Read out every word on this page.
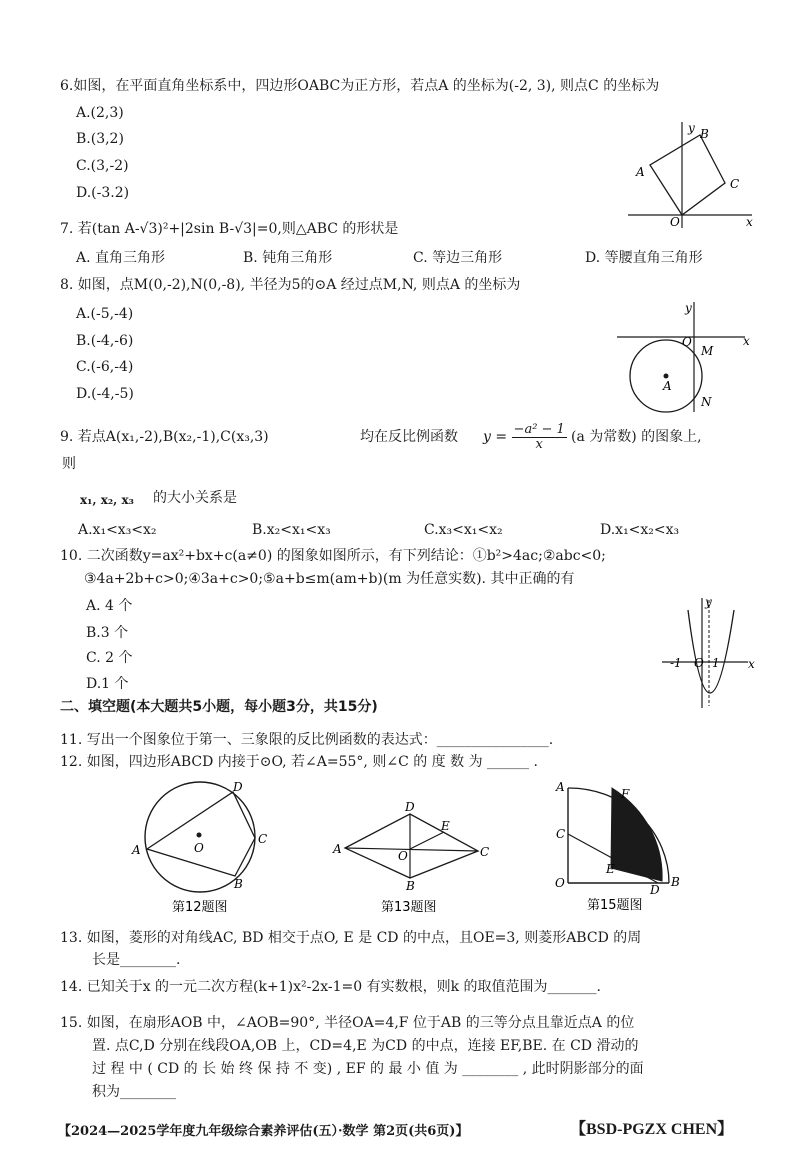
6.如图，在平面直角坐标系中，四边形OABC为正方形，若点A 的坐标为(-2, 3), 则点C 的坐标为
A.(2,3)
B.(3,2)
C.(3,-2)
D.(-3.2)
y
x
O
A
B
C
7. 若(tan A-√3)²+|2sin B-√3|=0,则△ABC 的形状是
A. 直角三角形	B. 钝角三角形	C. 等边三角形	D. 等腰直角三角形
8. 如图，点M(0,-2),N(0,-8), 半径为5的⊙A 经过点M,N, 则点A 的坐标为
A.(-5,-4)
B.(-4,-6)
C.(-6,-4)
D.(-4,-5)
y
x
O
M
N
A
9. 若点A(x₁,-2),B(x₂,-1),C(x₃,3)	均在反比例函数 $y = \frac{\text{−a² − 1}}{x} (a$ 为常数) 的图象上,
则
x₁, x₂, x₃ 的大小关系是
A.x₁<x₃<x₂	B.x₂<x₁<x₃	C.x₃<x₁<x₂	D.x₁<x₂<x₃
10. 二次函数y=ax²+bx+c(a≠0) 的图象如图所示，有下列结论：①b²>4ac;②abc<0;
③4a+2b+c>0;④3a+c>0;⑤a+b≤m(am+b)(m 为任意实数). 其中正确的有
A. 4 个
B.3 个
C. 2 个
D.1 个
y
x
-1 O 1
二、填空题(本大题共5小题，每小题3分，共15分)
11. 写出一个图象位于第一、三象限的反比例函数的表达式：________________.
12. 如图，四边形ABCD 内接于⊙O, 若∠A=55°, 则∠C 的 度 数 为 ______ .
A
B
C
D
O
第12题图
A
B
C
D
E
O
第13题图
A
B
C
D
E
F
O
第15题图
13. 如图，菱形的对角线AC, BD 相交于点O, E 是 CD 的中点，且OE=3, 则菱形ABCD 的周
长是________.
14. 已知关于x 的一元二次方程(k+1)x²-2x-1=0 有实数根，则k 的取值范围为_______.
15. 如图，在扇形AOB 中，∠AOB=90°, 半径OA=4,F 位于AB 的三等分点且靠近点A 的位
置. 点C,D 分别在线段OA,OB 上，CD=4,E 为CD 的中点，连接 EF,BE. 在 CD 滑动的
过 程 中 ( CD 的 长 始 终 保 持 不 变) , EF 的 最 小 值 为 ________ , 此时阴影部分的面
积为________
【2024—2025学年度九年级综合素养评估(五）·数学 第2页(共6页)】	【BSD-PGZX CHEN】
